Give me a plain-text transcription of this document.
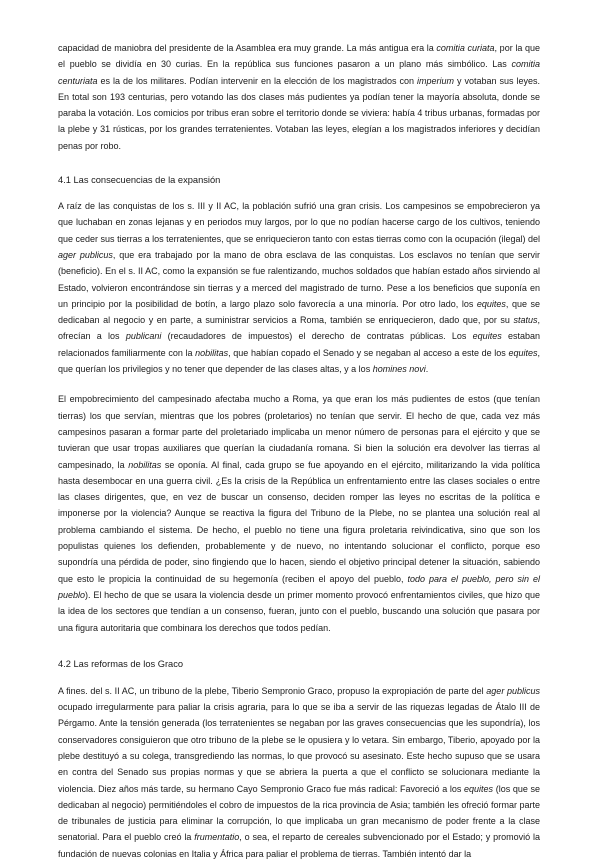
capacidad de maniobra del presidente de la Asamblea era muy grande. La más antigua era la comitia curiata, por la que el pueblo se dividía en 30 curias. En la república sus funciones pasaron a un plano más simbólico. Las comitia centuriata es la de los militares. Podían intervenir en la elección de los magistrados con imperium y votaban sus leyes. En total son 193 centurias, pero votando las dos clases más pudientes ya podían tener la mayoría absoluta, donde se paraba la votación. Los comicios por tribus eran sobre el territorio donde se viviera: había 4 tribus urbanas, formadas por la plebe y 31 rústicas, por los grandes terratenientes. Votaban las leyes, elegían a los magistrados inferiores y decidían penas por robo.

4.1 Las consecuencias de la expansión

A raíz de las conquistas de los s. III y II AC, la población sufrió una gran crisis. Los campesinos se empobrecieron ya que luchaban en zonas lejanas y en periodos muy largos, por lo que no podían hacerse cargo de los cultivos, teniendo que ceder sus tierras a los terratenientes, que se enriquecieron tanto con estas tierras como con la ocupación (ilegal) del ager publicus, que era trabajado por la mano de obra esclava de las conquistas. Los esclavos no tenían que servir (beneficio). En el s. II AC, como la expansión se fue ralentizando, muchos soldados que habían estado años sirviendo al Estado, volvieron encontrándose sin tierras y a merced del magistrado de turno. Pese a los beneficios que suponía en un principio por la posibilidad de botín, a largo plazo solo favorecía a una minoría. Por otro lado, los equites, que se dedicaban al negocio y en parte, a suministrar servicios a Roma, también se enriquecieron, dado que, por su status, ofrecían a los publicani (recaudadores de impuestos) el derecho de contratas públicas. Los equites estaban relacionados familiarmente con la nobilitas, que habían copado el Senado y se negaban al acceso a este de los equites, que querían los privilegios y no tener que depender de las clases altas, y a los homines novi.

El empobrecimiento del campesinado afectaba mucho a Roma, ya que eran los más pudientes de estos (que tenían tierras) los que servían, mientras que los pobres (proletarios) no tenían que servir. El hecho de que, cada vez más campesinos pasaran a formar parte del proletariado implicaba un menor número de personas para el ejército y que se tuvieran que usar tropas auxiliares que querían la ciudadanía romana. Si bien la solución era devolver las tierras al campesinado, la nobilitas se oponía. Al final, cada grupo se fue apoyando en el ejército, militarizando la vida política hasta desembocar en una guerra civil. ¿Es la crisis de la República un enfrentamiento entre las clases sociales o entre las clases dirigentes, que, en vez de buscar un consenso, deciden romper las leyes no escritas de la política e imponerse por la violencia? Aunque se reactiva la figura del Tribuno de la Plebe, no se plantea una solución real al problema cambiando el sistema. De hecho, el pueblo no tiene una figura proletaria reivindicativa, sino que son los populistas quienes los defienden, probablemente y de nuevo, no intentando solucionar el conflicto, porque eso supondría una pérdida de poder, sino fingiendo que lo hacen, siendo el objetivo principal detener la situación, sabiendo que esto le propicia la continuidad de su hegemonía (reciben el apoyo del pueblo, todo para el pueblo, pero sin el pueblo). El hecho de que se usara la violencia desde un primer momento provocó enfrentamientos civiles, que hizo que la idea de los sectores que tendían a un consenso, fueran, junto con el pueblo, buscando una solución que pasara por una figura autoritaria que combinara los derechos que todos pedían.

4.2 Las reformas de los Graco

A fines. del s. II AC, un tribuno de la plebe, Tiberio Sempronio Graco, propuso la expropiación de parte del ager publicus ocupado irregularmente para paliar la crisis agraria, para lo que se iba a servir de las riquezas legadas de Átalo III de Pérgamo. Ante la tensión generada (los terratenientes se negaban por las graves consecuencias que les supondría), los conservadores consiguieron que otro tribuno de la plebe se le opusiera y lo vetara. Sin embargo, Tiberio, apoyado por la plebe destituyó a su colega, transgrediendo las normas, lo que provocó su asesinato. Este hecho supuso que se usara en contra del Senado sus propias normas y que se abriera la puerta a que el conflicto se solucionara mediante la violencia. Diez años más tarde, su hermano Cayo Sempronio Graco fue más radical: Favoreció a los equites (los que se dedicaban al negocio) permitiéndoles el cobro de impuestos de la rica provincia de Asia; también les ofreció formar parte de tribunales de justicia para eliminar la corrupción, lo que implicaba un gran mecanismo de poder frente a la clase senatorial. Para el pueblo creó la frumentatio, o sea, el reparto de cereales subvencionado por el Estado; y promovió la fundación de nuevas colonias en Italia y África para paliar el problema de tierras. También intentó dar la
